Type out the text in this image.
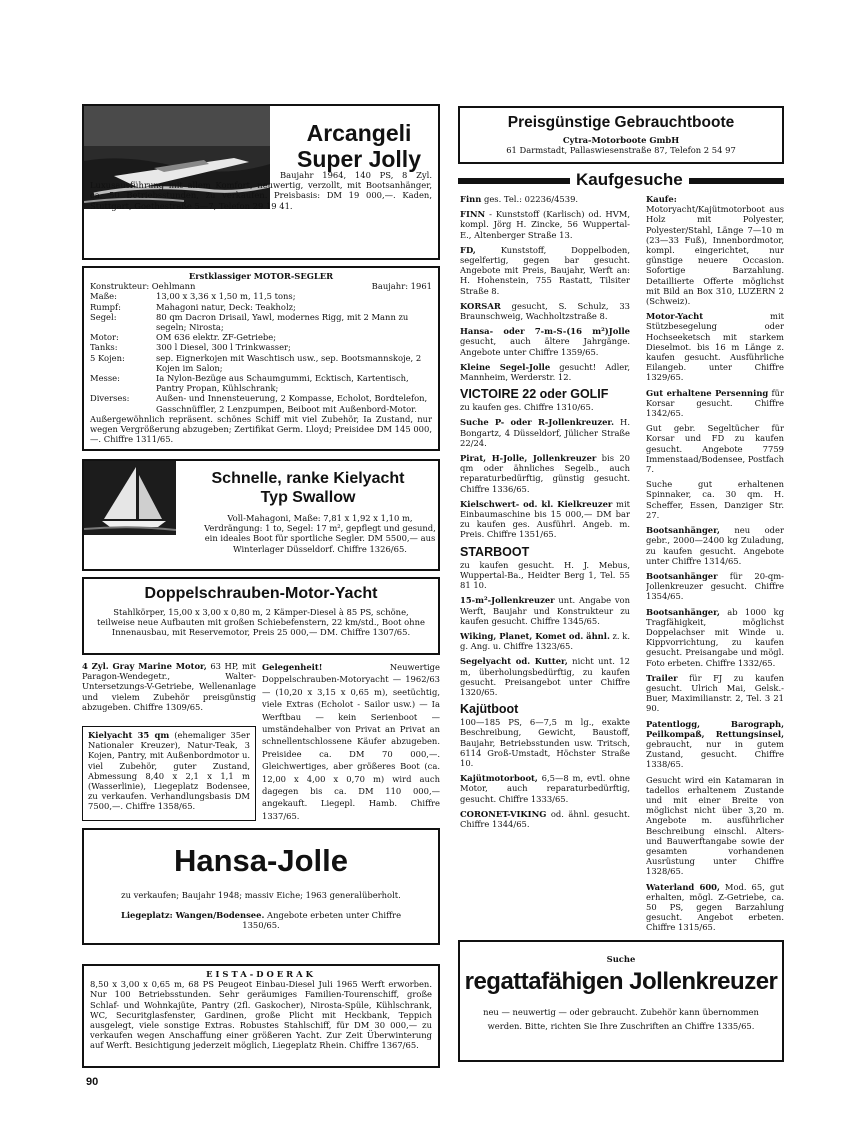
Arcangeli
Super Jolly
Baujahr 1964, 140 PS, 8 Zyl. Luxusausführung mit allem Komfort, neuwertig, verzollt, mit Bootsanhänger, ca. 50 Betriebsstunden, zu verkaufen. Preisbasis: DM 19 000,—. Kaden, Stuttgart, Goethestraße 5—7, Telefon 29 19 41.
Erstklassiger MOTOR-SEGLER
Konstrukteur: Oehlmann	Baujahr: 1961
Maße:	13,00 x 3,36 x 1,50 m, 11,5 tons;
Rumpf:	Mahagoni natur, Deck: Teakholz;
Segel:	80 qm Dacron Drisail, Yawl, modernes Rigg, mit 2 Mann zu segeln; Nirosta;
Motor:	OM 636 elektr. ZF-Getriebe;
Tanks:	300 l Diesel, 300 l Trinkwasser;
5 Kojen:	sep. Eignerkojen mit Waschtisch usw., sep. Bootsmannskoje, 2 Kojen im Salon;
Messe:	Ia Nylon-Bezüge aus Schaumgummi, Ecktisch, Kartentisch, Pantry Propan, Kühlschrank;
Diverses:	Außen- und Innensteuerung, 2 Kompasse, Echolot, Bordtelefon, Gasschnüffler, 2 Lenzpumpen, Beiboot mit Außenbord-Motor.
Außergewöhnlich repräsent. schönes Schiff mit viel Zubehör, Ia Zustand, nur wegen Vergrößerung abzugeben; Zertifikat Germ. Lloyd; Preisidee DM 145 000,—. Chiffre 1311/65.
Schnelle, ranke Kielyacht
Typ Swallow
Voll-Mahagoni, Maße: 7,81 x 1,92 x 1,10 m, Verdrängung: 1 to, Segel: 17 m², gepflegt und gesund, ein ideales Boot für sportliche Segler. DM 5500,— aus Winterlager Düsseldorf. Chiffre 1326/65.
Doppelschrauben-Motor-Yacht
Stahlkörper, 15,00 x 3,00 x 0,80 m, 2 Kämper-Diesel à 85 PS, schöne, teilweise neue Aufbauten mit großen Schiebefenstern, 22 km/std., Boot ohne Innenausbau, mit Reservemotor, Preis 25 000,— DM. Chiffre 1307/65.
4 Zyl. Gray Marine Motor, 63 HP, mit Paragon-Wendegetr., Walter-Untersetzungs-V-Getriebe, Wellenanlage und vielem Zubehör preisgünstig abzugeben. Chiffre 1309/65.
Kielyacht 35 qm (ehemaliger 35er Nationaler Kreuzer), Natur-Teak, 3 Kojen, Pantry, mit Außenbordmotor u. viel Zubehör, guter Zustand, Abmessung 8,40 x 2,1 x 1,1 m (Wasserlinie), Liegeplatz Bodensee, zu verkaufen. Verhandlungsbasis DM 7500,—. Chiffre 1358/65.
Gelegenheit! Neuwertige Doppelschrauben-Motoryacht — 1962/63 — (10,20 x 3,15 x 0,65 m), seetüchtig, viele Extras (Echolot - Sailor usw.) — Ia Werftbau — kein Serienboot — umständehalber von Privat an Privat an schnellentschlossene Käufer abzugeben. Preisidee ca. DM 70 000,—. Gleichwertiges, aber größeres Boot (ca. 12,00 x 4,00 x 0,70 m) wird auch dagegen bis ca. DM 110 000,— angekauft. Liegepl. Hamb. Chiffre 1337/65.
Hansa-Jolle
zu verkaufen; Baujahr 1948; massiv Eiche; 1963 generalüberholt.
Liegeplatz: Wangen/Bodensee. Angebote erbeten unter Chiffre 1350/65.
EISTA-DOERAK
8,50 x 3,00 x 0,65 m, 68 PS Peugeot Einbau-Diesel Juli 1965 Werft erworben. Nur 100 Betriebsstunden. Sehr geräumiges Familien-Tourenschiff, große Schlaf- und Wohnkajüte, Pantry (2fl. Gaskocher), Nirosta-Spüle, Kühlschrank, WC, Securitglasfenster, Gardinen, große Plicht mit Heckbank, Teppich ausgelegt, viele sonstige Extras. Robustes Stahlschiff, für DM 30 000,— zu verkaufen wegen Anschaffung einer größeren Yacht. Zur Zeit Überwinterung auf Werft. Besichtigung jederzeit möglich, Liegeplatz Rhein. Chiffre 1367/65.
90
Preisgünstige Gebrauchtboote
Cytra-Motorboote GmbH
61 Darmstadt, Pallaswiesenstraße 87, Telefon 2 54 97
Kaufgesuche
Finn ges. Tel.: 02236/4539.
FINN - Kunststoff (Karlisch) od. HVM, kompl. Jörg H. Zincke, 56 Wuppertal-E., Altenberger Straße 13.
FD, Kunststoff, Doppelboden, segelfertig, gegen bar gesucht. Angebote mit Preis, Baujahr, Werft an: H. Hohenstein, 755 Rastatt, Tilsiter Straße 8.
KORSAR gesucht, S. Schulz, 33 Braunschweig, Wachholtzstraße 8.
Hansa- oder 7-m-S-(16 m²)Jolle gesucht, auch ältere Jahrgänge. Angebote unter Chiffre 1359/65.
Kleine Segel-Jolle gesucht! Adler, Mannheim, Werderstr. 12.
VICTOIRE 22 oder GOLIF
zu kaufen ges. Chiffre 1310/65.
Suche P- oder R-Jollenkreuzer. H. Bongartz, 4 Düsseldorf, Jülicher Straße 22/24.
Pirat, H-Jolle, Jollenkreuzer bis 20 qm oder ähnliches Segelb., auch reparaturbedürftig, günstig gesucht. Chiffre 1336/65.
Kielschwert- od. kl. Kielkreuzer mit Einbaumaschine bis 15 000,— DM bar zu kaufen ges. Ausführl. Angeb. m. Preis. Chiffre 1351/65.
STARBOOT
zu kaufen gesucht. H. J. Mebus, Wuppertal-Ba., Heidter Berg 1, Tel. 55 81 10.
15-m²-Jollenkreuzer unt. Angabe von Werft, Baujahr und Konstrukteur zu kaufen gesucht. Chiffre 1345/65.
Wiking, Planet, Komet od. ähnl. z. k. g. Ang. u. Chiffre 1323/65.
Segelyacht od. Kutter, nicht unt. 12 m, überholungsbedürftig, zu kaufen gesucht. Preisangebot unter Chiffre 1320/65.
Kajütboot
100—185 PS, 6—7,5 m lg., exakte Beschreibung, Gewicht, Baustoff, Baujahr, Betriebsstunden usw. Tritsch, 6114 Groß-Umstadt, Höchster Straße 10.
Kajütmotorboot, 6,5—8 m, evtl. ohne Motor, auch reparaturbedürftig, gesucht. Chiffre 1333/65.
CORONET-VIKING od. ähnl. gesucht. Chiffre 1344/65.
Kaufe: Motoryacht/Kajütmotorboot aus Holz mit Polyester, Polyester/Stahl, Länge 7—10 m (23—33 Fuß), Innenbordmotor, kompl. eingerichtet, nur günstige neuere Occasion. Sofortige Barzahlung. Detaillierte Offerte möglichst mit Bild an Box 310, LUZERN 2 (Schweiz).
Motor-Yacht mit Stützbesegelung oder Hochseeketsch mit starkem Dieselmot. bis 16 m Länge z. kaufen gesucht. Ausführliche Eilangeb. unter Chiffre 1329/65.
Gut erhaltene Persenning für Korsar gesucht. Chiffre 1342/65.
Gut gebr. Segeltücher für Korsar und FD zu kaufen gesucht. Angebote 7759 Immenstaad/Bodensee, Postfach 7.
Suche gut erhaltenen Spinnaker, ca. 30 qm. H. Scheffer, Essen, Danziger Str. 27.
Bootsanhänger, neu oder gebr., 2000—2400 kg Zuladung, zu kaufen gesucht. Angebote unter Chiffre 1314/65.
Bootsanhänger für 20-qm-Jollenkreuzer gesucht. Chiffre 1354/65.
Bootsanhänger, ab 1000 kg Tragfähigkeit, möglichst Doppelachser mit Winde u. Kippvorrichtung, zu kaufen gesucht. Preisangabe und mögl. Foto erbeten. Chiffre 1332/65.
Trailer für FJ zu kaufen gesucht. Ulrich Mai, Gelsk.-Buer, Maximilianstr. 2, Tel. 3 21 90.
Patentlogg, Barograph, Peilkompaß, Rettungsinsel, gebraucht, nur in gutem Zustand, gesucht. Chiffre 1338/65.
Gesucht wird ein Katamaran in tadellos erhaltenem Zustande und mit einer Breite von möglichst nicht über 3,20 m. Angebote m. ausführlicher Beschreibung einschl. Alters- und Bauwerftangabe sowie der gesamten vorhandenen Ausrüstung unter Chiffre 1328/65.
Waterland 600, Mod. 65, gut erhalten, mögl. Z-Getriebe, ca. 50 PS, gegen Barzahlung gesucht. Angebot erbeten. Chiffre 1315/65.
Suche
regattafähigen Jollenkreuzer
neu — neuwertig — oder gebraucht. Zubehör kann übernommen werden. Bitte, richten Sie Ihre Zuschriften an Chiffre 1335/65.
